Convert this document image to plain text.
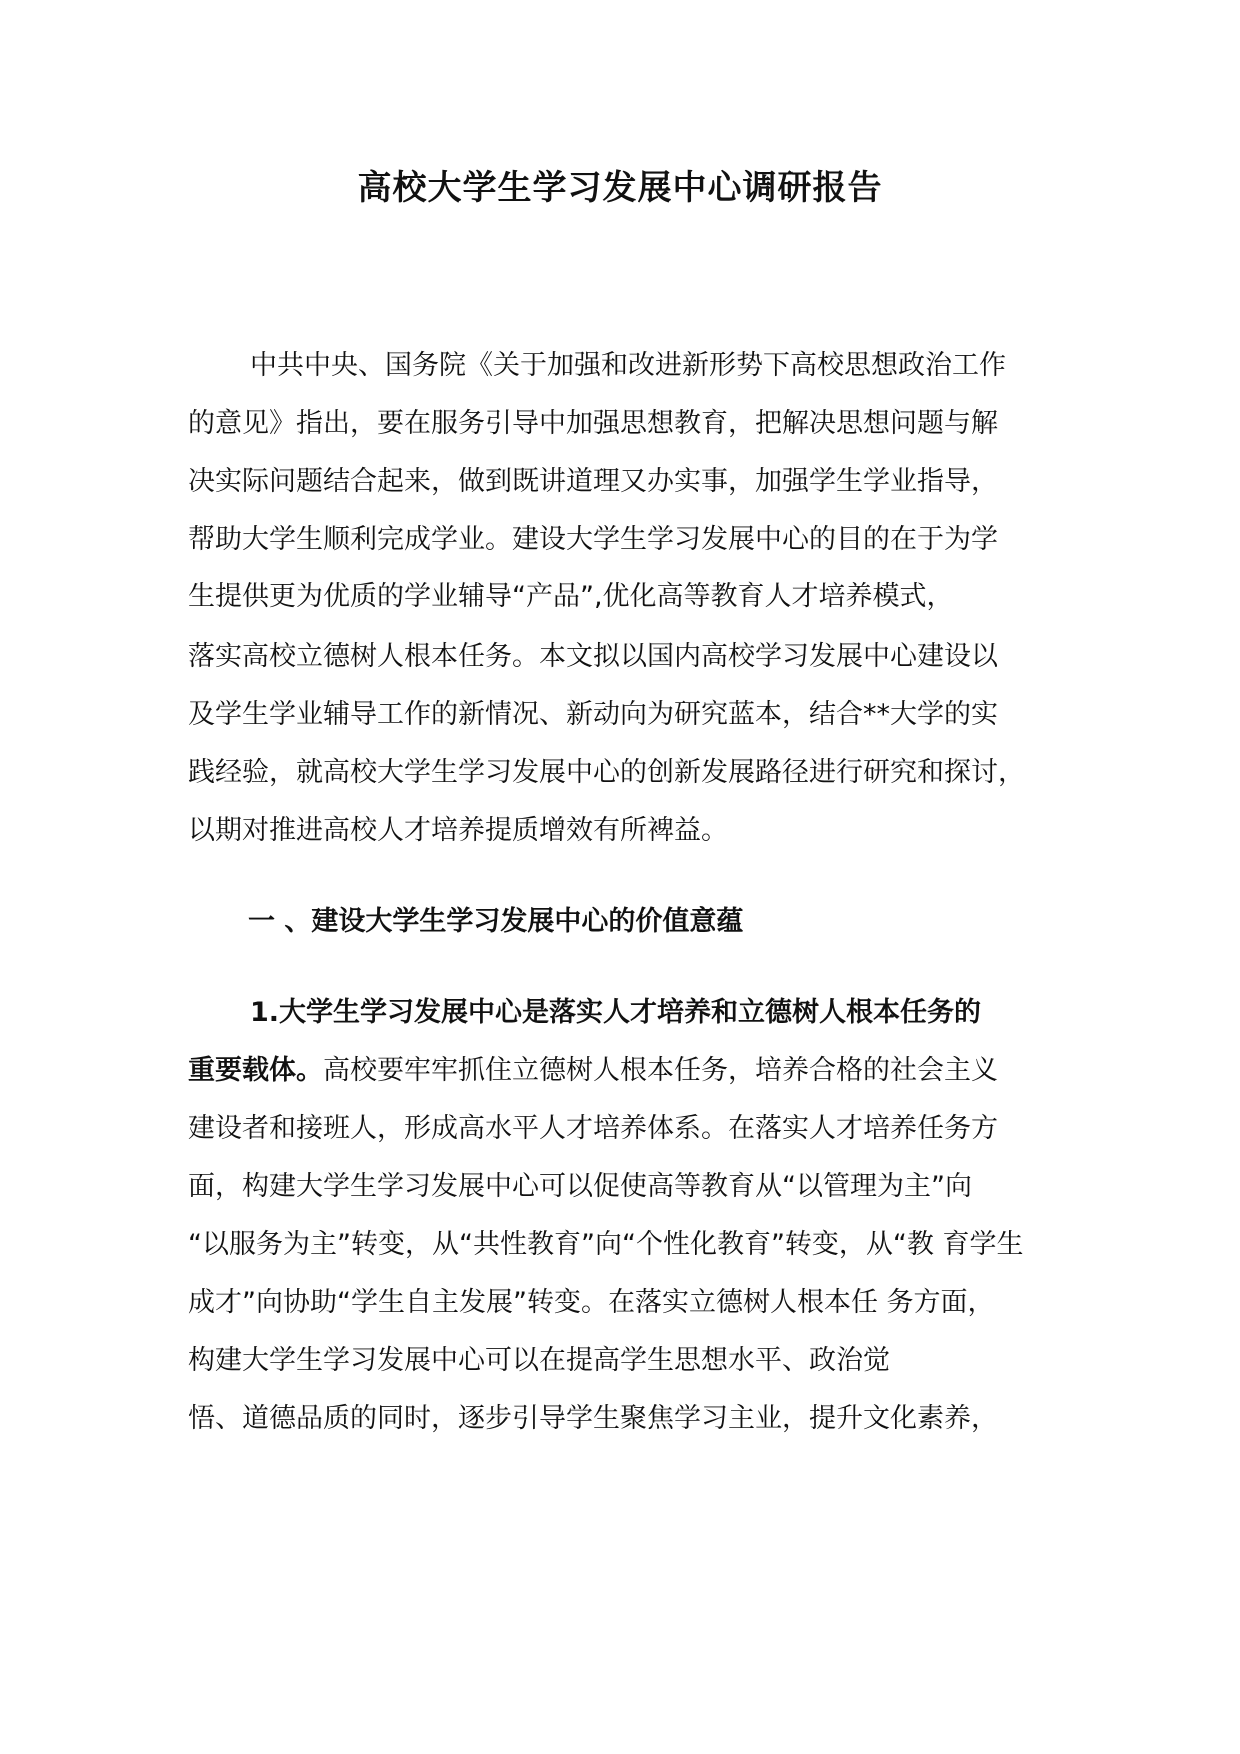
高校大学生学习发展中心调研报告

中共中央、国务院《关于加强和改进新形势下高校思想政治工作

的意见》指出，要在服务引导中加强思想教育，把解决思想问题与解

决实际问题结合起来，做到既讲道理又办实事，加强学生学业指导，

帮助大学生顺利完成学业。建设大学生学习发展中心的目的在于为学

生提供更为优质的学业辅导“产品”,优化高等教育人才培养模式，

落实高校立德树人根本任务。本文拟以国内高校学习发展中心建设以

及学生学业辅导工作的新情况、新动向为研究蓝本，结合**大学的实

践经验，就高校大学生学习发展中心的创新发展路径进行研究和探讨，

以期对推进高校人才培养提质增效有所裨益。

一 、建设大学生学习发展中心的价值意蕴

1.大学生学习发展中心是落实人才培养和立德树人根本任务的

重要载体。高校要牢牢抓住立德树人根本任务，培养合格的社会主义

建设者和接班人，形成高水平人才培养体系。在落实人才培养任务方

面，构建大学生学习发展中心可以促使高等教育从“以管理为主”向

“以服务为主”转变，从“共性教育”向“个性化教育”转变，从“教 育学生

成才”向协助“学生自主发展”转变。在落实立德树人根本任 务方面，

构建大学生学习发展中心可以在提高学生思想水平、政治觉

悟、道德品质的同时，逐步引导学生聚焦学习主业，提升文化素养，
